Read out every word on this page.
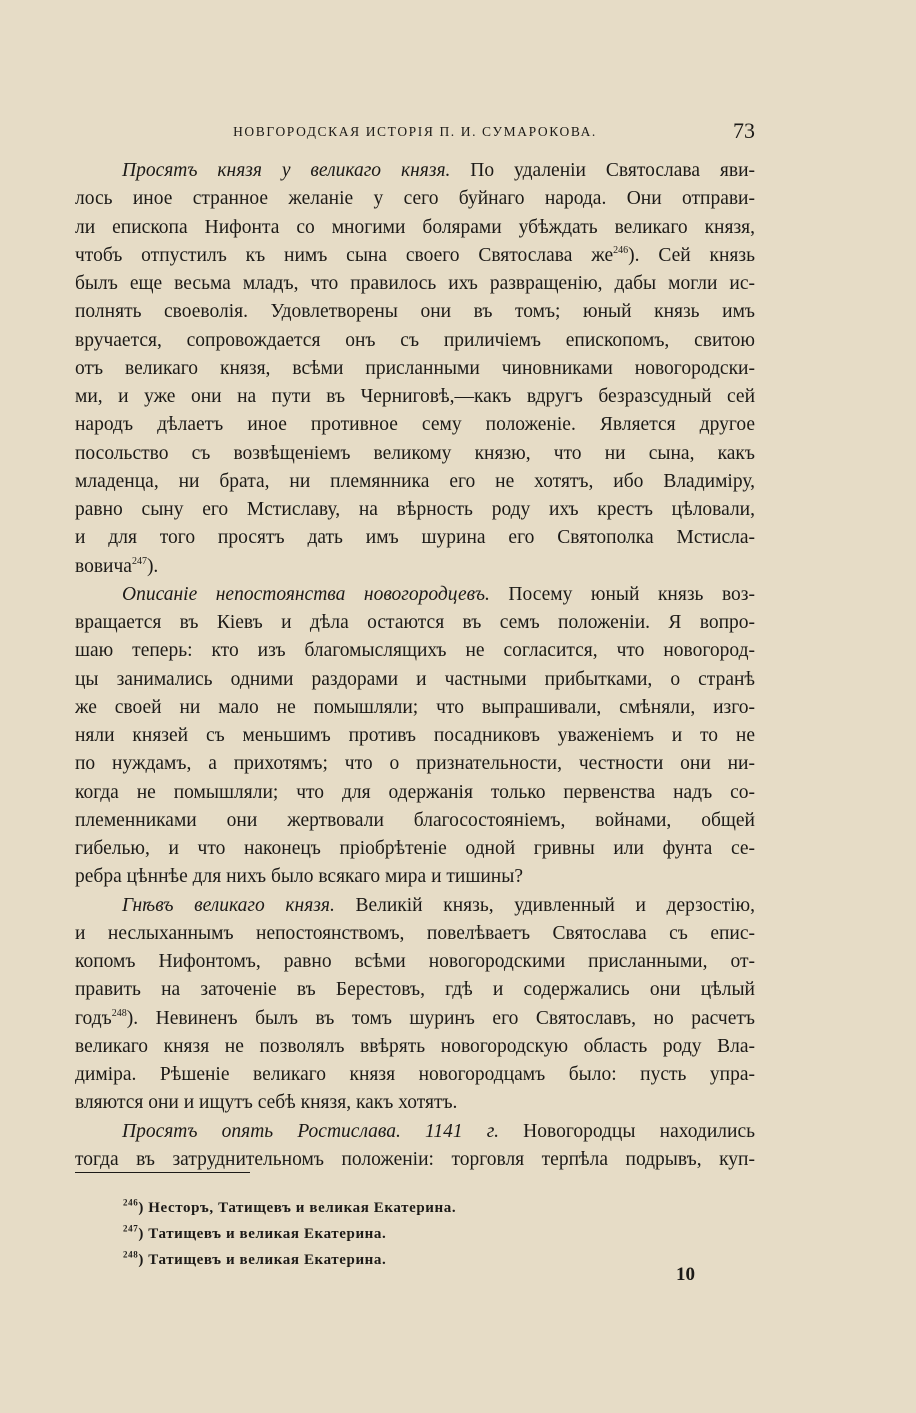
НОВГОРОДСКАЯ ИСТОРІЯ П. И. СУМАРОКОВА.	73
Просятъ князя у великаго князя. По удаленіи Святослава яви-
лось иное странное желаніе у сего буйнаго народа. Они отправи-
ли епископа Нифонта со многими болярами убѣждать великаго князя,
чтобъ отпустилъ къ нимъ сына своего Святослава же$^{246}$). Сей князь
былъ еще весьма младъ, что правилось ихъ развращенію, дабы могли ис-
полнять своеволія. Удовлетворены они въ томъ; юный князь имъ
вручается, сопровождается онъ съ приличіемъ епископомъ, свитою
отъ великаго князя, всѣми присланными чиновниками новогородски-
ми, и уже они на пути въ Черниговѣ,—какъ вдругъ безразсудный сей
народъ дѣлаетъ иное противное сему положеніе. Является другое
посольство съ возвѣщеніемъ великому князю, что ни сына, какъ
младенца, ни брата, ни племянника его не хотятъ, ибо Владиміру,
равно сыну его Мстиславу, на вѣрность роду ихъ крестъ цѣловали,
и для того просятъ дать имъ шурина его Святополка Мстисла-
вовича$^{247}$).
Описаніе непостоянства новогородцевъ. Посему юный князь воз-
вращается въ Кіевъ и дѣла остаются въ семъ положеніи. Я вопро-
шаю теперь: кто изъ благомыслящихъ не согласится, что новогород-
цы занимались одними раздорами и частными прибытками, о странѣ
же своей ни мало не помышляли; что выпрашивали, смѣняли, изго-
няли князей съ меньшимъ противъ посадниковъ уваженіемъ и то не
по нуждамъ, а прихотямъ; что о признательности, честности они ни-
когда не помышляли; что для одержанія только первенства надъ со-
племенниками они жертвовали благосостояніемъ, войнами, общей
гибелью, и что наконецъ пріобрѣтеніе одной гривны или фунта се-
ребра цѣннѣе для нихъ было всякаго мира и тишины?
Гнѣвъ великаго князя. Великій князь, удивленный и дерзостію,
и неслыханнымъ непостоянствомъ, повелѣваетъ Святослава съ епис-
копомъ Нифонтомъ, равно всѣми новогородскими присланными, от-
править на заточеніе въ Берестовъ, гдѣ и содержались они цѣлый
годъ$^{248}$). Невиненъ былъ въ томъ шуринъ его Святославъ, но расчетъ
великаго князя не позволялъ ввѣрять новогородскую область роду Вла-
диміра. Рѣшеніе великаго князя новогородцамъ было: пусть упра-
вляются они и ищутъ себѣ князя, какъ хотятъ.
Просятъ опять Ростислава. 1141 г. Новогородцы находились
тогда въ затруднительномъ положеніи: торговля терпѣла подрывъ, куп-
$^{246}$) Несторъ, Татищевъ и великая Екатерина.
$^{247}$) Татищевъ и великая Екатерина.
$^{248}$) Татищевъ и великая Екатерина.
10
